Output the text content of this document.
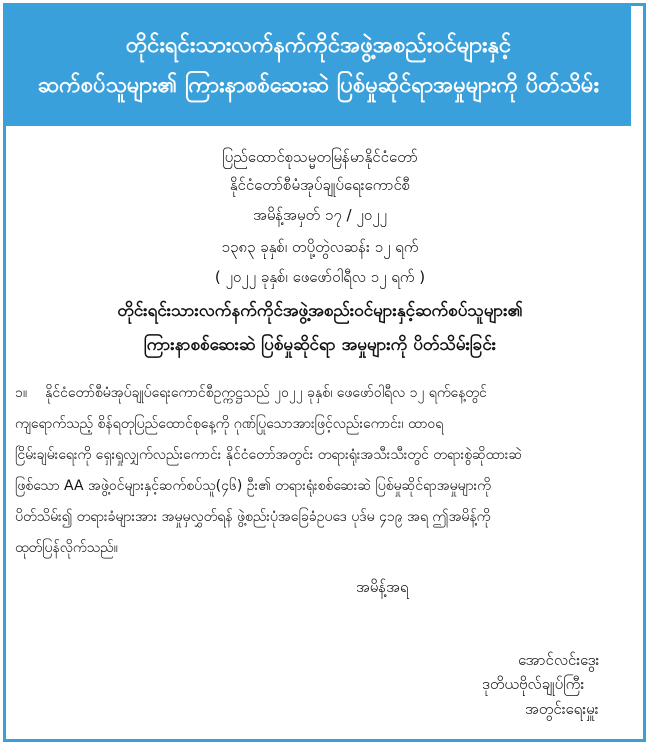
တိုင်းရင်းသားလက်နက်ကိုင်အဖွဲ့အစည်းဝင်များနှင့်
ဆက်စပ်သူများ၏ ကြားနာစစ်ဆေးဆဲ ပြစ်မှုဆိုင်ရာအမှုများကို ပိတ်သိမ်း
ပြည်ထောင်စုသမ္မတမြန်မာနိုင်ငံတော်
နိုင်ငံတော်စီမံအုပ်ချုပ်ရေးကောင်စီ
အမိန့်အမှတ် ၁၇ / ၂၀၂၂
၁၃၈၃ ခုနှစ်၊ တပို့တွဲလဆန်း ၁၂ ရက်
( ၂၀၂၂ ခုနှစ်၊ ဖေဖော်ဝါရီလ ၁၂ ရက် )
တိုင်းရင်းသားလက်နက်ကိုင်အဖွဲ့အစည်းဝင်များနှင့်ဆက်စပ်သူများ၏
ကြားနာစစ်ဆေးဆဲ ပြစ်မှုဆိုင်ရာ အမှုများကို ပိတ်သိမ်းခြင်း
၁။ နိုင်ငံတော်စီမံအုပ်ချုပ်ရေးကောင်စီဥက္ကဋ္ဌသည် ၂၀၂၂ ခုနှစ်၊ ဖေဖော်ဝါရီလ ၁၂ ရက်နေ့တွင်
ကျရောက်သည့် စိန်ရတုပြည်ထောင်စုနေ့ကို ဂုဏ်ပြုသောအားဖြင့်လည်းကောင်း၊ ထာဝရ
ငြိမ်းချမ်းရေးကို ရှေးရှုလျှက်လည်းကောင်း နိုင်ငံတော်အတွင်း တရားရုံးအသီးသီးတွင် တရားစွဲဆိုထားဆဲ
ဖြစ်သော AA အဖွဲ့ဝင်များနှင့်ဆက်စပ်သူ(၄၆) ဦး၏ တရားရုံးစစ်ဆေးဆဲ ပြစ်မှုဆိုင်ရာအမှုများကို
ပိတ်သိမ်း၍ တရားခံများအား အမှုမှလွှတ်ရန် ဖွဲ့စည်းပုံအခြေခံဥပဒေ ပုဒ်မ ၄၁၉ အရ ဤအမိန့်ကို
ထုတ်ပြန်လိုက်သည်။
အမိန့်အရ
အောင်လင်းဒွေး
ဒုတိယဗိုလ်ချုပ်ကြီး
အတွင်းရေးမှူး
